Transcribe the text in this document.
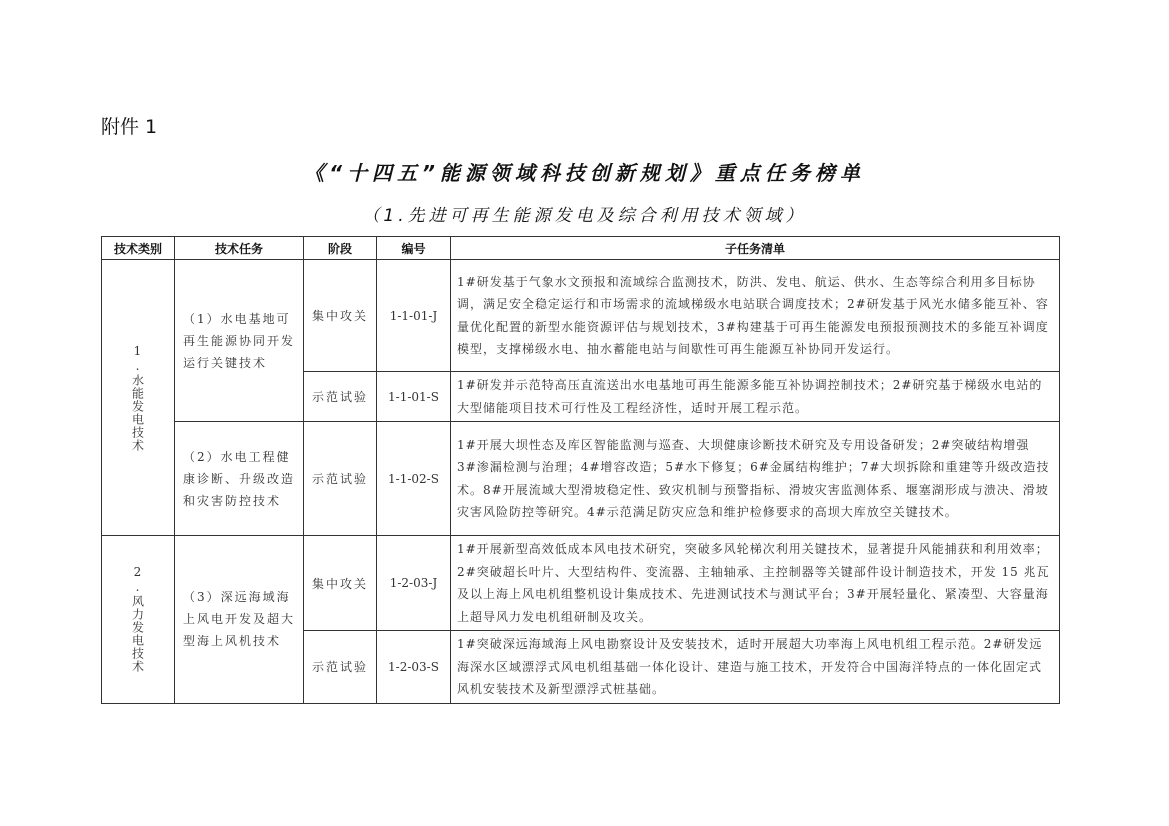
附件 1
《“十四五”能源领域科技创新规划》重点任务榜单
（1.先进可再生能源发电及综合利用技术领域）
技术类别	技术任务	阶段	编号	子任务清单

1.水能发电技术	（1）水电基地可再生能源协同开发运行关键技术	集中攻关	1-1-01-J	1#研发基于气象水文预报和流域综合监测技术，防洪、发电、航运、供水、生态等综合利用多目标协调，满足安全稳定运行和市场需求的流域梯级水电站联合调度技术；2#研发基于风光水储多能互补、容量优化配置的新型水能资源评估与规划技术，3#构建基于可再生能源发电预报预测技术的多能互补调度模型，支撑梯级水电、抽水蓄能电站与间歇性可再生能源互补协同开发运行。
		示范试验	1-1-01-S	1#研发并示范特高压直流送出水电基地可再生能源多能互补协调控制技术；2#研究基于梯级水电站的大型储能项目技术可行性及工程经济性，适时开展工程示范。
	（2）水电工程健康诊断、升级改造和灾害防控技术	示范试验	1-1-02-S	1#开展大坝性态及库区智能监测与巡查、大坝健康诊断技术研究及专用设备研发；2#突破结构增强 3#渗漏检测与治理；4#增容改造；5#水下修复；6#金属结构维护；7#大坝拆除和重建等升级改造技术。8#开展流域大型滑坡稳定性、致灾机制与预警指标、滑坡灾害监测体系、堰塞湖形成与溃决、滑坡灾害风险防控等研究。4#示范满足防灾应急和维护检修要求的高坝大库放空关键技术。

2.风力发电技术	（3）深远海域海上风电开发及超大型海上风机技术	集中攻关	1-2-03-J	1#开展新型高效低成本风电技术研究，突破多风轮梯次利用关键技术，显著提升风能捕获和利用效率；2#突破超长叶片、大型结构件、变流器、主轴轴承、主控制器等关键部件设计制造技术，开发 15 兆瓦及以上海上风电机组整机设计集成技术、先进测试技术与测试平台；3#开展轻量化、紧凑型、大容量海上超导风力发电机组研制及攻关。
		示范试验	1-2-03-S	1#突破深远海域海上风电勘察设计及安装技术，适时开展超大功率海上风电机组工程示范。2#研发远海深水区域漂浮式风电机组基础一体化设计、建造与施工技术，开发符合中国海洋特点的一体化固定式风机安装技术及新型漂浮式桩基础。
